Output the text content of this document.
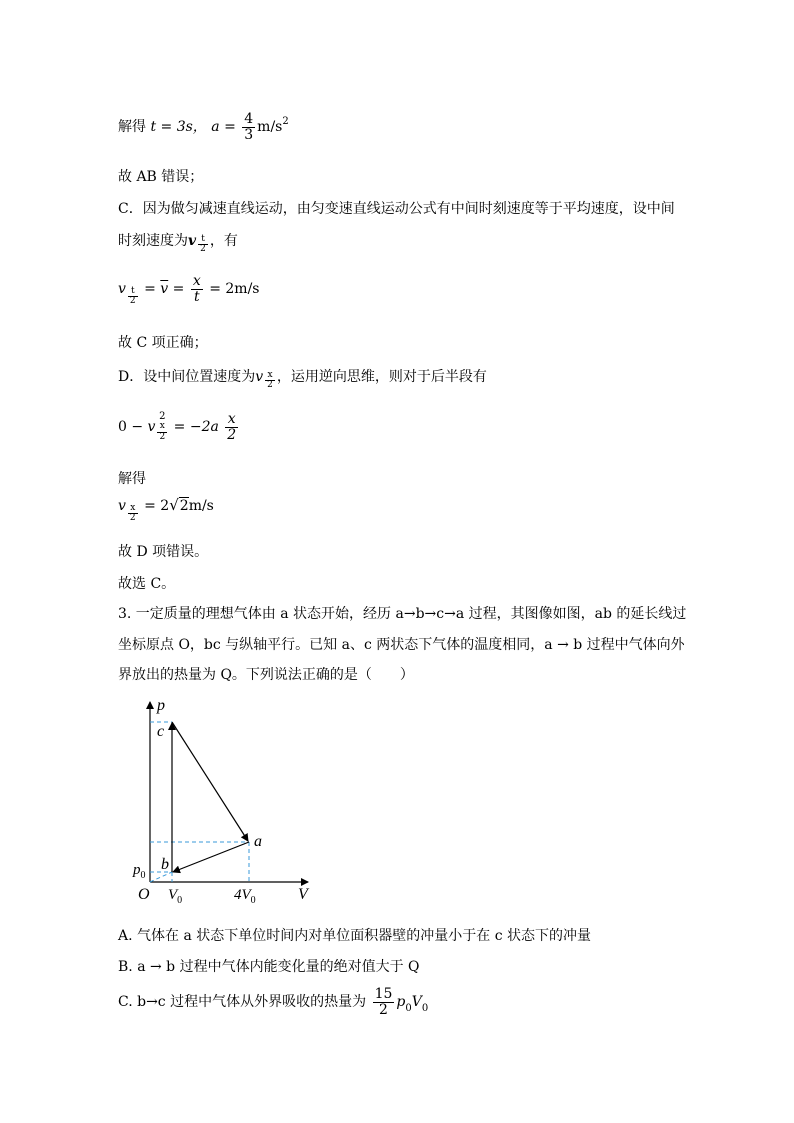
解得 t = 3s， $a = \frac{4}{3} m/s^2$
故 AB 错误；
C．因为做匀减速直线运动，由匀变速直线运动公式有中间时刻速度等于平均速度，设中间
时刻速度为v $\frac{t}{2}$ ，有
v $\frac{t}{2} = \overline{v} = \frac{x}{t} = 2m/s$
故 C 项正确；
D．设中间位置速度为v $\frac{x}{2}$ ，运用逆向思维，则对于后半段有
0 − v
2
$\frac{x}{2} = -2a \frac{x}{2}$
解得
v $\frac{x}{2} = 2√2m/s$
故 D 项错误。
故选 C。
3. 一定质量的理想气体由 a 状态开始，经历 a→b→c→a 过程，其图像如图，ab 的延长线过
坐标原点 O，bc 与纵轴平行。已知 a、c 两状态下气体的温度相同，a → b 过程中气体向外
界放出的热量为 Q。下列说法正确的是（　　）
p
V
O
c
a
b
$p_0$
$V_0$	$4V_0$
A. 气体在 a 状态下单位时间内对单位面积器壁的冲量小于在 c 状态下的冲量
B. a → b 过程中气体内能变化量的绝对值大于 Q
C. b→c 过程中气体从外界吸收的热量为 $\frac{15}{2} p_0V_0$
